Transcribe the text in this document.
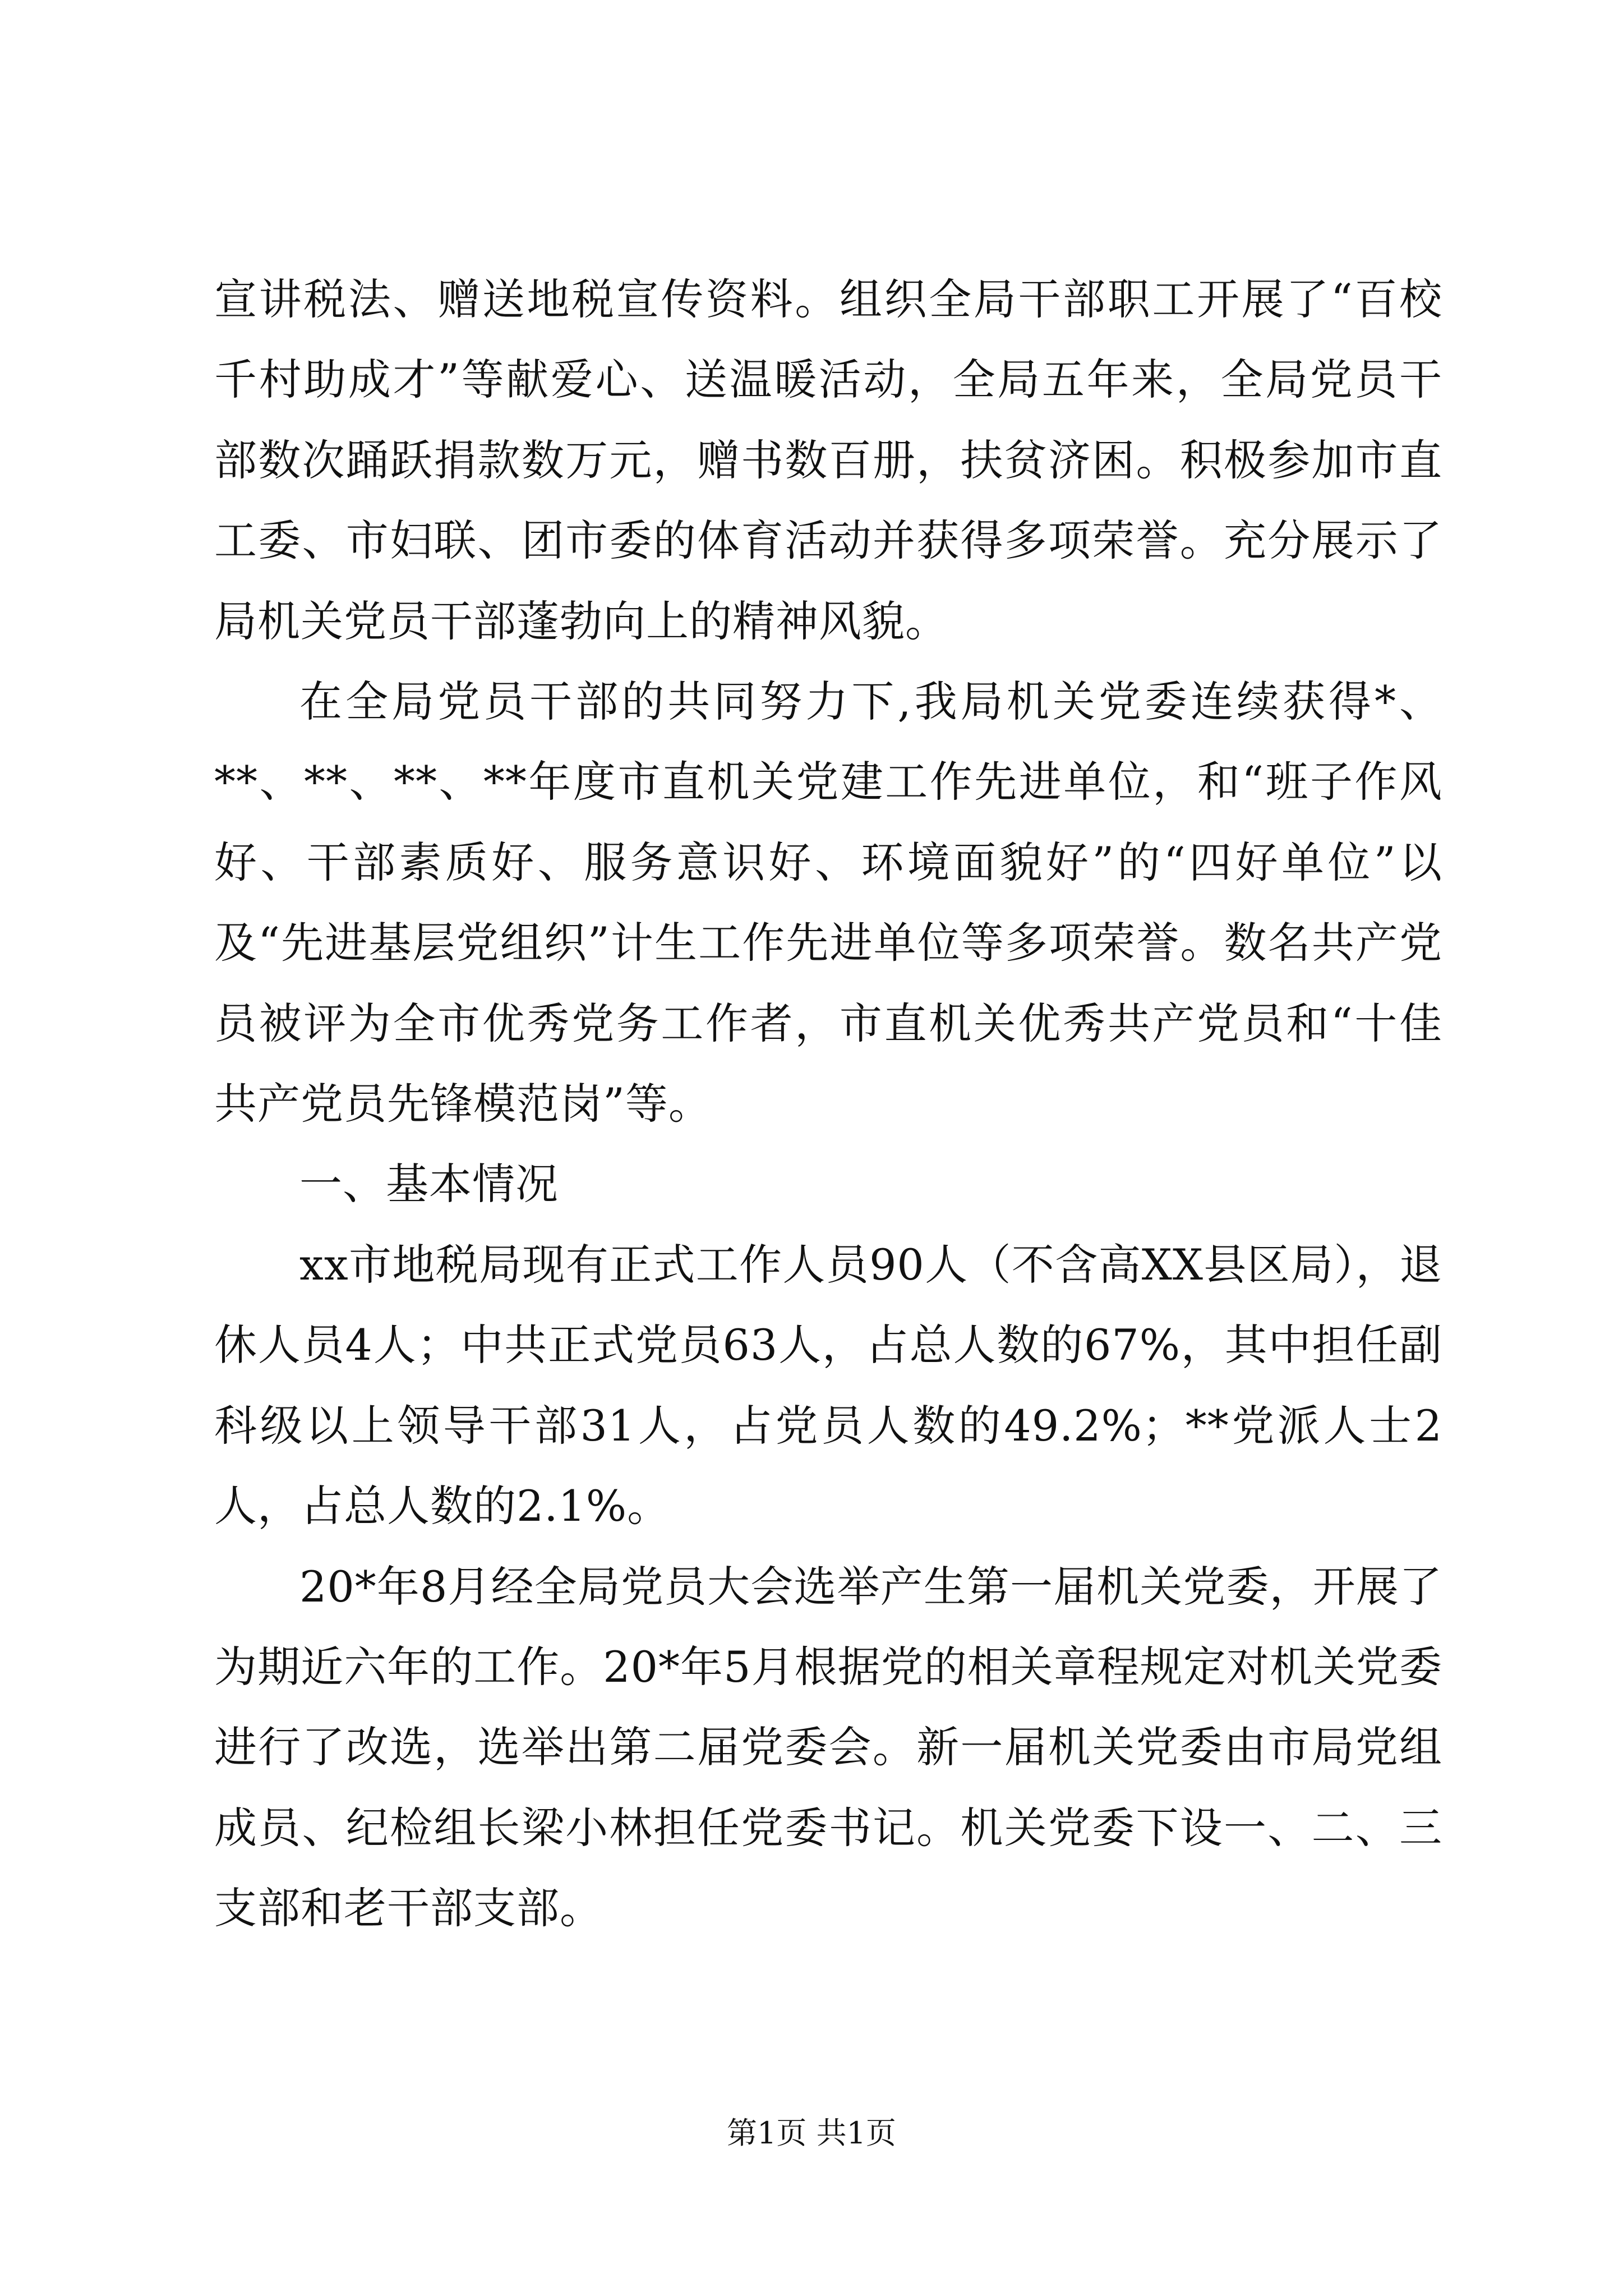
宣讲税法、赠送地税宣传资料。组织全局干部职工开展了“百校千村助成才”等献爱心、送温暖活动，全局五年来，全局党员干部数次踊跃捐款数万元，赠书数百册，扶贫济困。积极参加市直工委、市妇联、团市委的体育活动并获得多项荣誉。充分展示了局机关党员干部蓬勃向上的精神风貌。

在全局党员干部的共同努力下,我局机关党委连续获得*、**、**、**、**年度市直机关党建工作先进单位，和“班子作风好、干部素质好、服务意识好、环境面貌好”的“四好单位”以及“先进基层党组织”计生工作先进单位等多项荣誉。数名共产党员被评为全市优秀党务工作者，市直机关优秀共产党员和“十佳共产党员先锋模范岗”等。

一、基本情况

xx市地税局现有正式工作人员90人（不含高XX县区局），退休人员4人；中共正式党员63人，占总人数的67%，其中担任副科级以上领导干部31人，占党员人数的49.2%；**党派人士2人，占总人数的2.1%。

20*年8月经全局党员大会选举产生第一届机关党委，开展了为期近六年的工作。20*年5月根据党的相关章程规定对机关党委进行了改选，选举出第二届党委会。新一届机关党委由市局党组成员、纪检组长梁小林担任党委书记。机关党委下设一、二、三支部和老干部支部。

第1页 共1页
